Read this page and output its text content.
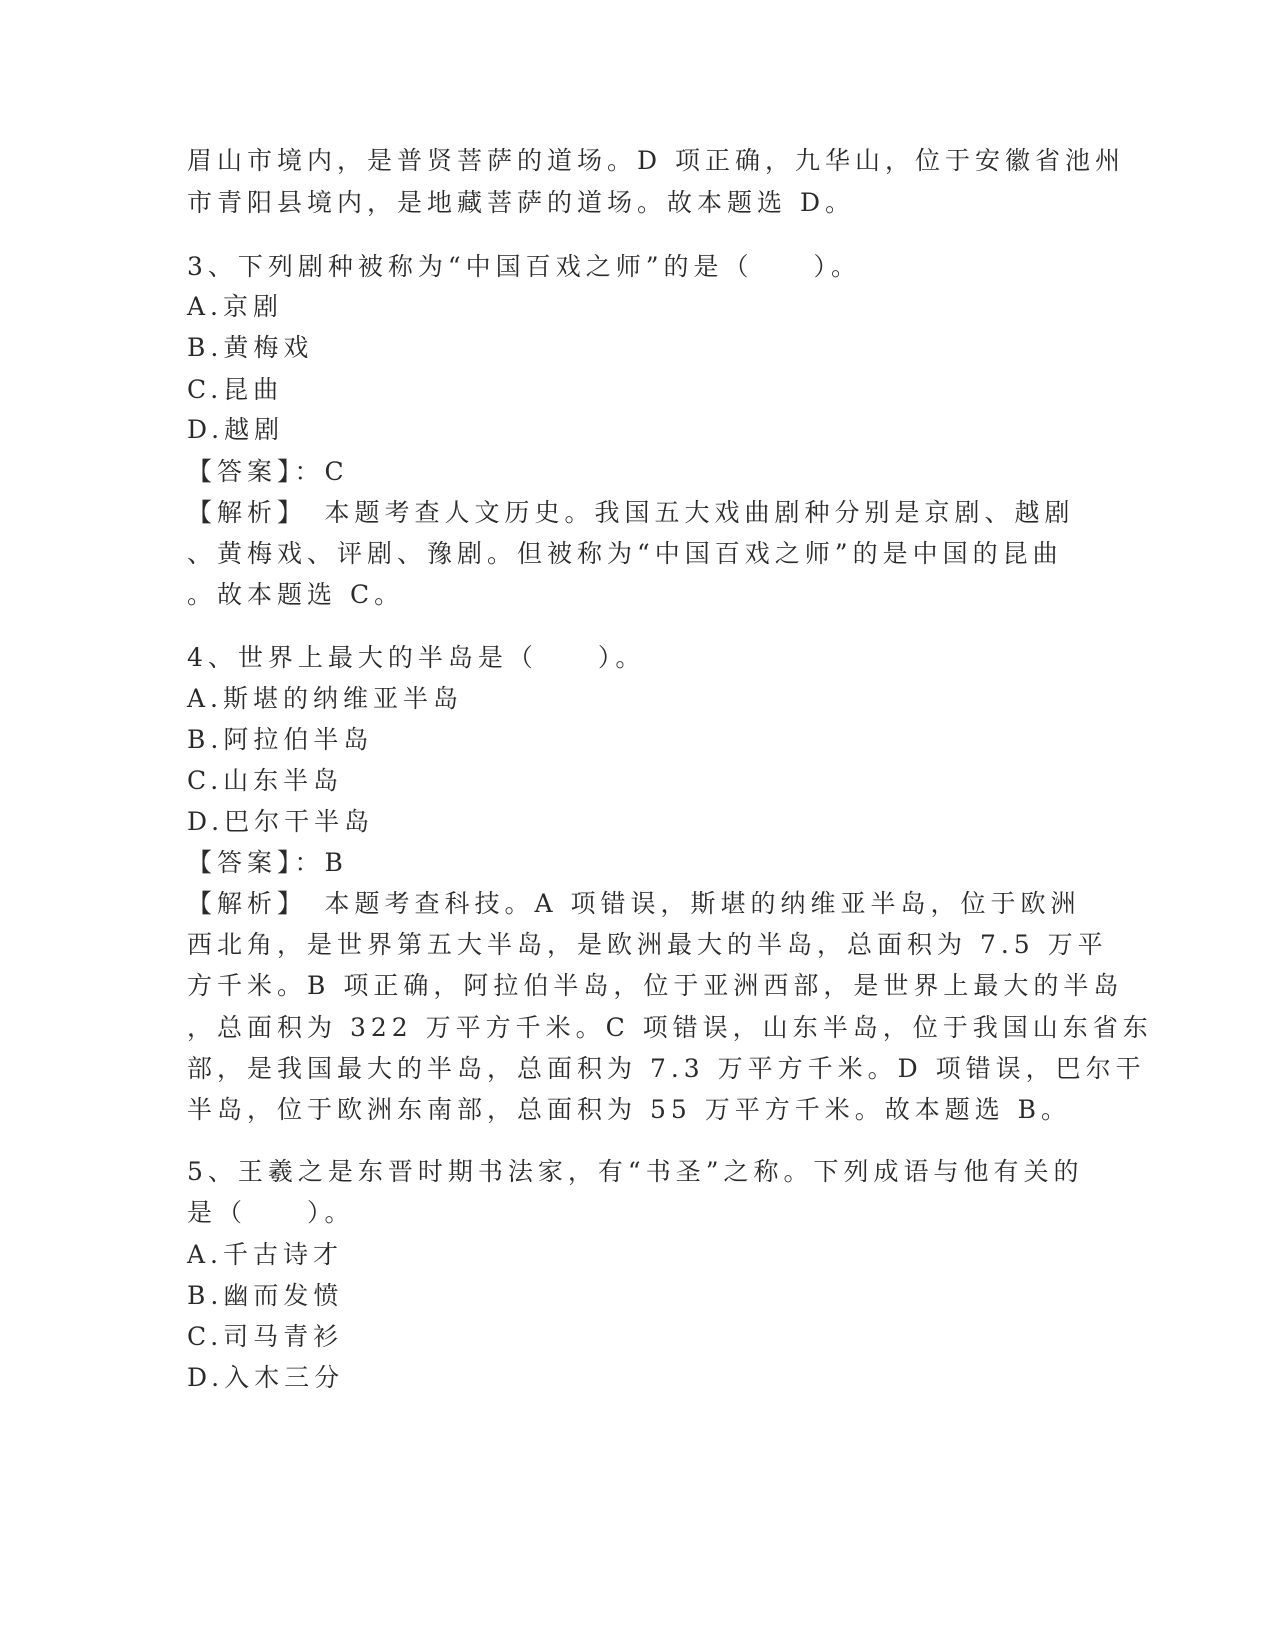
眉山市境内，是普贤菩萨的道场。D 项正确，九华山，位于安徽省池州
市青阳县境内，是地藏菩萨的道场。故本题选 D。
3、下列剧种被称为“中国百戏之师”的是（　　）。
A.京剧
B.黄梅戏
C.昆曲
D.越剧
【答案】：C
【解析】　本题考查人文历史。我国五大戏曲剧种分别是京剧、越剧
、黄梅戏、评剧、豫剧。但被称为“中国百戏之师”的是中国的昆曲
。故本题选 C。
4、世界上最大的半岛是（　　）。
A.斯堪的纳维亚半岛
B.阿拉伯半岛
C.山东半岛
D.巴尔干半岛
【答案】：B
【解析】　本题考查科技。A 项错误，斯堪的纳维亚半岛，位于欧洲
西北角，是世界第五大半岛，是欧洲最大的半岛，总面积为 7.5 万平
方千米。B 项正确，阿拉伯半岛，位于亚洲西部，是世界上最大的半岛
，总面积为 322 万平方千米。C 项错误，山东半岛，位于我国山东省东
部，是我国最大的半岛，总面积为 7.3 万平方千米。D 项错误，巴尔干
半岛，位于欧洲东南部，总面积为 55 万平方千米。故本题选 B。
5、王羲之是东晋时期书法家，有“书圣”之称。下列成语与他有关的
是（　　）。
A.千古诗才
B.幽而发愤
C.司马青衫
D.入木三分
